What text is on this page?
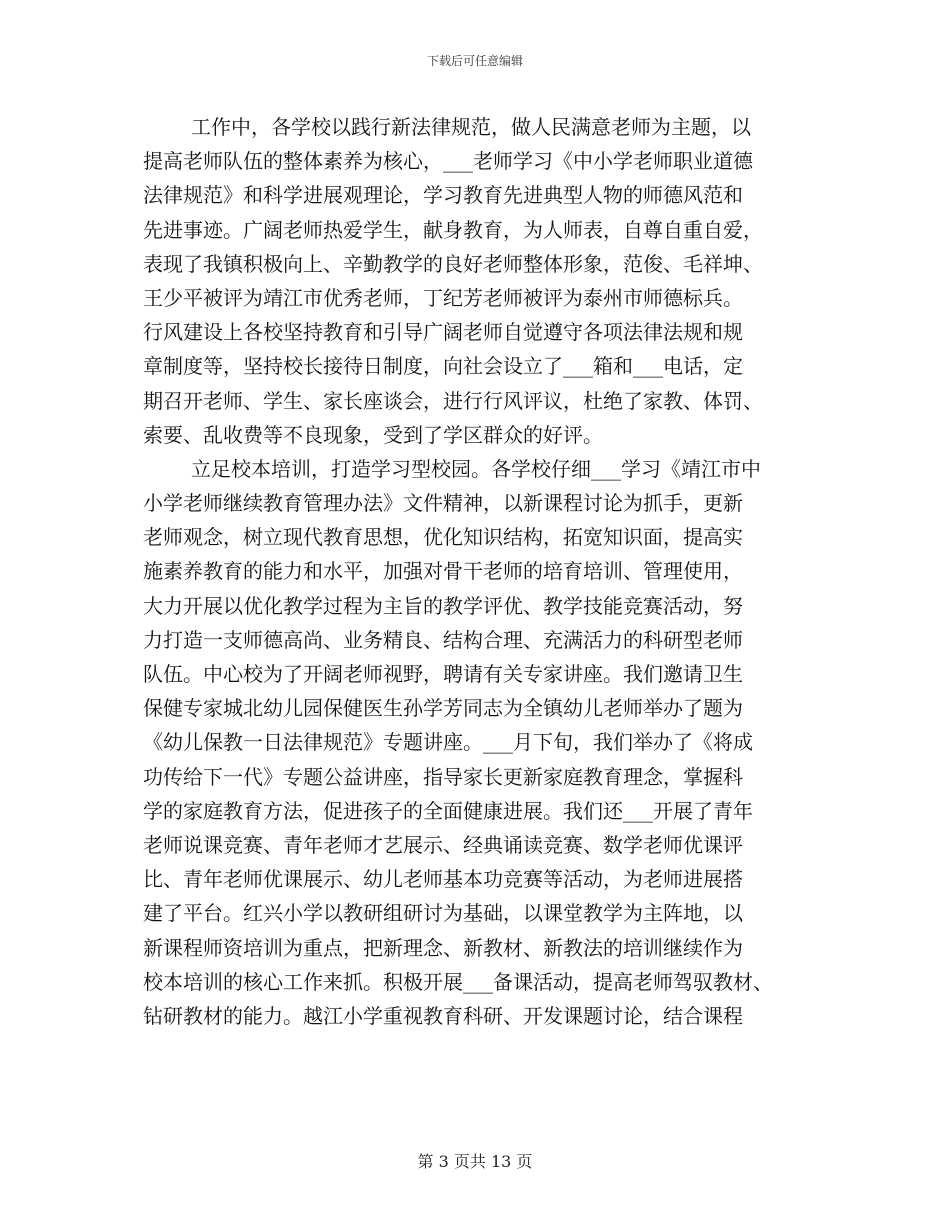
下载后可任意编辑
工作中，各学校以践行新法律规范，做人民满意老师为主题，以
提高老师队伍的整体素养为核心，___老师学习《中小学老师职业道德
法律规范》和科学进展观理论，学习教育先进典型人物的师德风范和
先进事迹。广阔老师热爱学生，献身教育，为人师表，自尊自重自爱，
表现了我镇积极向上、辛勤教学的良好老师整体形象，范俊、毛祥坤、
王少平被评为靖江市优秀老师，丁纪芳老师被评为泰州市师德标兵。
行风建设上各校坚持教育和引导广阔老师自觉遵守各项法律法规和规
章制度等，坚持校长接待日制度，向社会设立了___箱和___电话，定
期召开老师、学生、家长座谈会，进行行风评议，杜绝了家教、体罚、
索要、乱收费等不良现象，受到了学区群众的好评。
立足校本培训，打造学习型校园。各学校仔细___学习《靖江市中
小学老师继续教育管理办法》文件精神，以新课程讨论为抓手，更新
老师观念，树立现代教育思想，优化知识结构，拓宽知识面，提高实
施素养教育的能力和水平，加强对骨干老师的培育培训、管理使用，
大力开展以优化教学过程为主旨的教学评优、教学技能竞赛活动，努
力打造一支师德高尚、业务精良、结构合理、充满活力的科研型老师
队伍。中心校为了开阔老师视野，聘请有关专家讲座。我们邀请卫生
保健专家城北幼儿园保健医生孙学芳同志为全镇幼儿老师举办了题为
《幼儿保教一日法律规范》专题讲座。___月下旬，我们举办了《将成
功传给下一代》专题公益讲座，指导家长更新家庭教育理念，掌握科
学的家庭教育方法，促进孩子的全面健康进展。我们还___开展了青年
老师说课竞赛、青年老师才艺展示、经典诵读竞赛、数学老师优课评
比、青年老师优课展示、幼儿老师基本功竞赛等活动，为老师进展搭
建了平台。红兴小学以教研组研讨为基础，以课堂教学为主阵地，以
新课程师资培训为重点，把新理念、新教材、新教法的培训继续作为
校本培训的核心工作来抓。积极开展___备课活动，提高老师驾驭教材、
钻研教材的能力。越江小学重视教育科研、开发课题讨论，结合课程
第 3 页共 13 页
